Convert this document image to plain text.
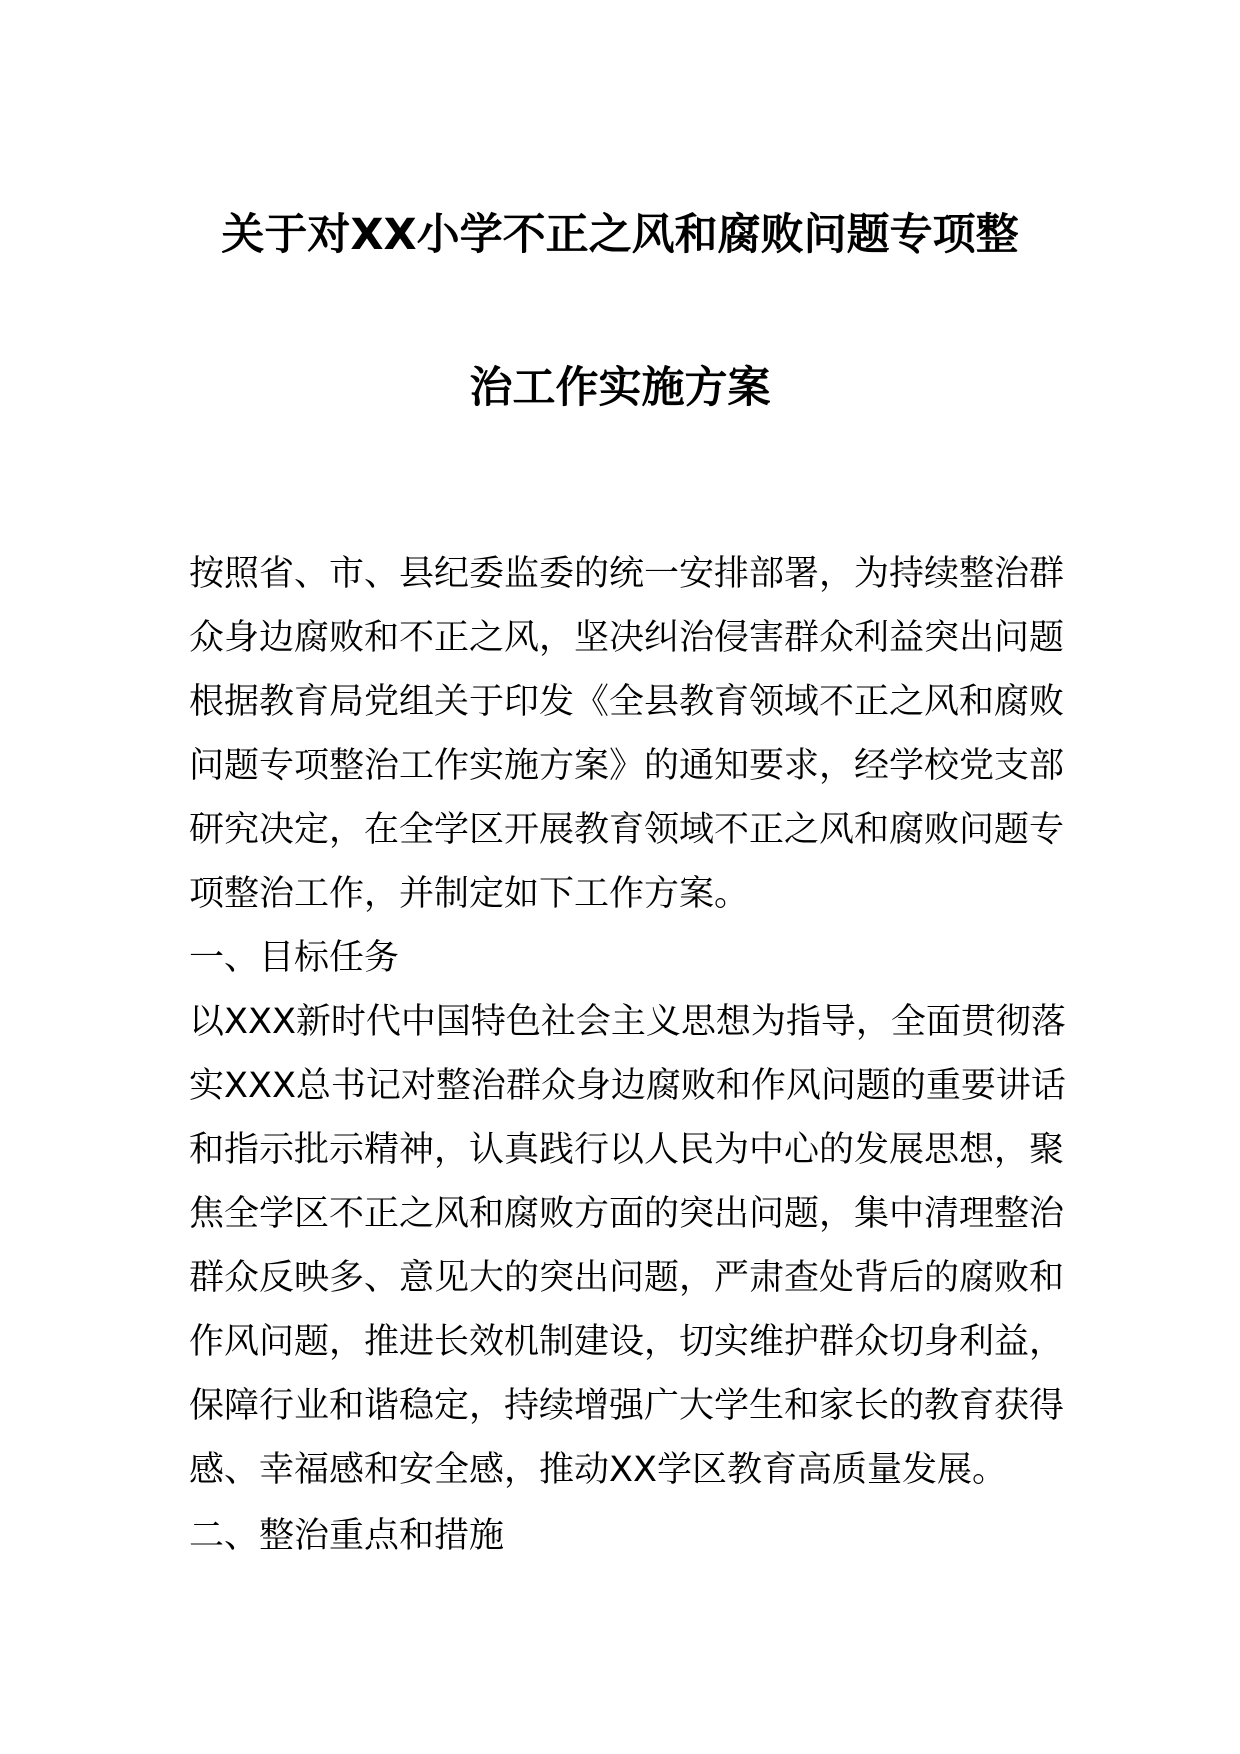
关于对XX小学不正之风和腐败问题专项整
治工作实施方案
按照省、市、县纪委监委的统一安排部署，为持续整治群
众身边腐败和不正之风，坚决纠治侵害群众利益突出问题
根据教育局党组关于印发《全县教育领域不正之风和腐败
问题专项整治工作实施方案》的通知要求，经学校党支部
研究决定，在全学区开展教育领域不正之风和腐败问题专
项整治工作，并制定如下工作方案。
一、目标任务
以XXX新时代中国特色社会主义思想为指导，全面贯彻落
实XXX总书记对整治群众身边腐败和作风问题的重要讲话
和指示批示精神，认真践行以人民为中心的发展思想，聚
焦全学区不正之风和腐败方面的突出问题，集中清理整治
群众反映多、意见大的突出问题，严肃查处背后的腐败和
作风问题，推进长效机制建设，切实维护群众切身利益，
保障行业和谐稳定，持续增强广大学生和家长的教育获得
感、幸福感和安全感，推动XX学区教育高质量发展。
二、整治重点和措施
